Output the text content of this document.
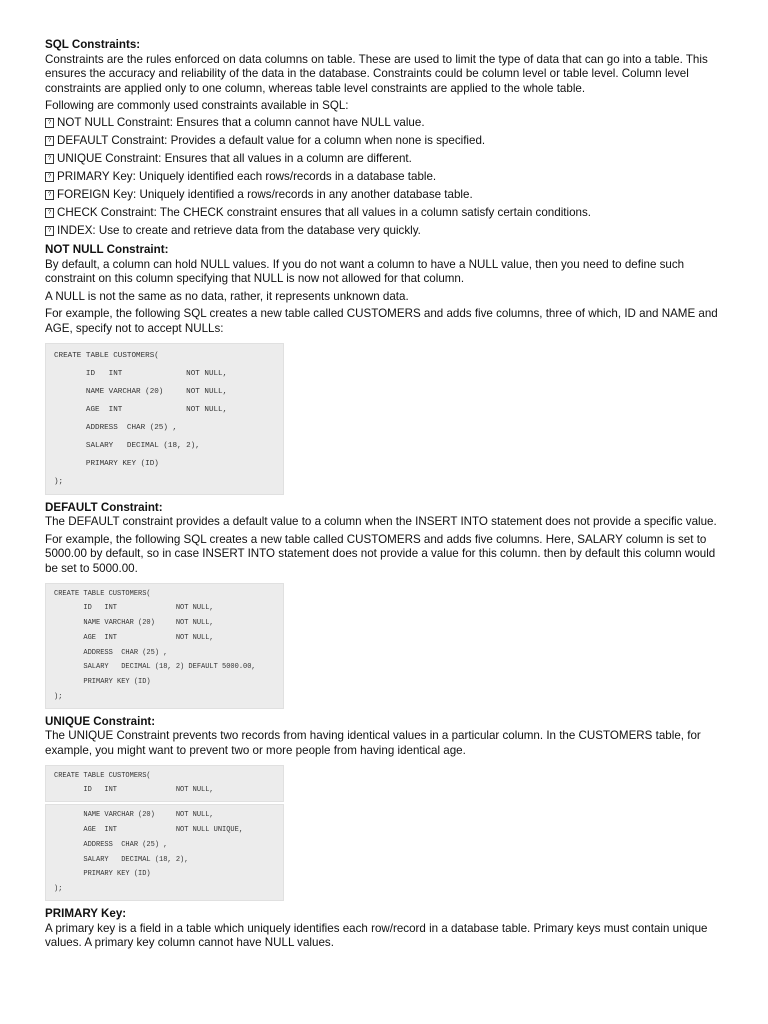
SQL Constraints:

Constraints are the rules enforced on data columns on table. These are used to limit the type of data that can go into a table. This ensures the accuracy and reliability of the data in the database. Constraints could be column level or table level. Column level constraints are applied only to one column, whereas table level constraints are applied to the whole table.

Following are commonly used constraints available in SQL:

? NOT NULL Constraint: Ensures that a column cannot have NULL value.

? DEFAULT Constraint: Provides a default value for a column when none is specified.

? UNIQUE Constraint: Ensures that all values in a column are different.

? PRIMARY Key: Uniquely identified each rows/records in a database table.

? FOREIGN Key: Uniquely identified a rows/records in any another database table.

? CHECK Constraint: The CHECK constraint ensures that all values in a column satisfy certain conditions.

? INDEX: Use to create and retrieve data from the database very quickly.

NOT NULL Constraint:

By default, a column can hold NULL values. If you do not want a column to have a NULL value, then you need to define such constraint on this column specifying that NULL is now not allowed for that column.

A NULL is not the same as no data, rather, it represents unknown data.

For example, the following SQL creates a new table called CUSTOMERS and adds five columns, three of which, ID and NAME and AGE, specify not to accept NULLs:

CREATE TABLE CUSTOMERS(
ID   INT              NOT NULL,
NAME VARCHAR (20)     NOT NULL,
AGE  INT              NOT NULL,
ADDRESS  CHAR (25) ,
SALARY   DECIMAL (18, 2),
PRIMARY KEY (ID)
);

DEFAULT Constraint:

The DEFAULT constraint provides a default value to a column when the INSERT INTO statement does not provide a specific value.

For example, the following SQL creates a new table called CUSTOMERS and adds five columns. Here, SALARY column is set to 5000.00 by default, so in case INSERT INTO statement does not provide a value for this column. then by default this column would be set to 5000.00.

CREATE TABLE CUSTOMERS(
ID   INT              NOT NULL,
NAME VARCHAR (20)     NOT NULL,
AGE  INT              NOT NULL,
ADDRESS  CHAR (25) ,
SALARY   DECIMAL (18, 2) DEFAULT 5000.00,
PRIMARY KEY (ID)
);

UNIQUE Constraint:

The UNIQUE Constraint prevents two records from having identical values in a particular column. In the CUSTOMERS table, for example, you might want to prevent two or more people from having identical age.

CREATE TABLE CUSTOMERS(
ID   INT              NOT NULL,
NAME VARCHAR (20)     NOT NULL,
AGE  INT              NOT NULL UNIQUE,
ADDRESS  CHAR (25) ,
SALARY   DECIMAL (18, 2),
PRIMARY KEY (ID)
);

PRIMARY Key:

A primary key is a field in a table which uniquely identifies each row/record in a database table. Primary keys must contain unique values. A primary key column cannot have NULL values.
